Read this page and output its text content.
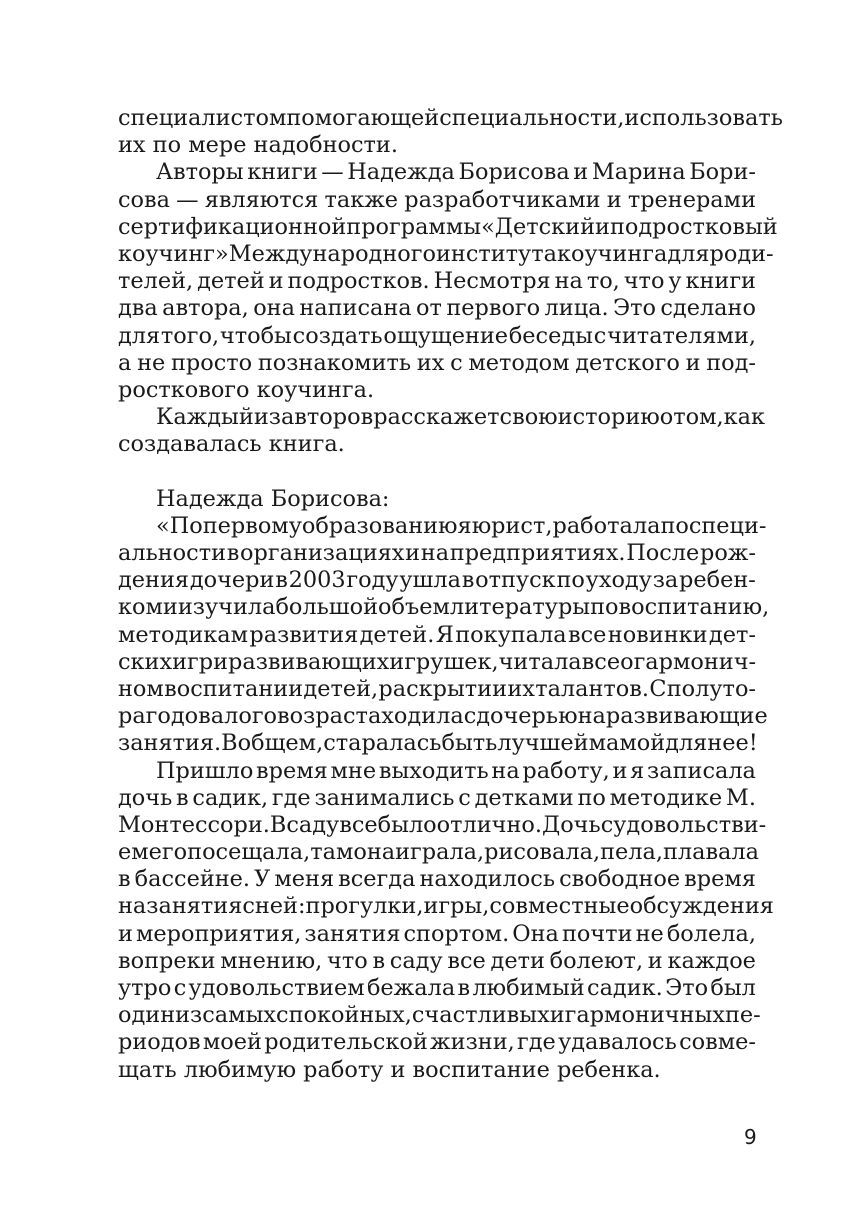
специалистом помогающей специальности, использовать
их по мере надобности.
Авторы книги — Надежда Борисова и Марина Бори-
сова — являются также разработчиками и тренерами
сертификационной программы «Детский и подростковый
коучинг» Международного института коучинга для роди-
телей, детей и подростков. Несмотря на то, что у книги
два автора, она написана от первого лица. Это сделано
для того, чтобы создать ощущение беседы с читателями,
а не просто познакомить их с методом детского и под-
росткового коучинга.
Каждый из авторов расскажет свою историю о том, как
создавалась книга.
Надежда Борисова:
«По первому образованию я юрист, работала по специ-
альности в организациях и на предприятиях. После рож-
дения дочери в 2003 году ушла в отпуск по уходу за ребен-
ком и изучила большой объем литературы по воспитанию,
методикам развития детей. Я покупала все новинки дет-
ских игр и развивающих игрушек, читала все о гармонич-
ном воспитании детей, раскрытии их талантов. С полуто-
рагодовалого возраста ходила с дочерью на развивающие
занятия. В общем, старалась быть лучшей мамой для нее!
Пришло время мне выходить на работу, и я записала
дочь в садик, где занимались с детками по методике М.
Монтессори. В саду все было отлично. Дочь с удовольстви-
ем его посещала, там она играла, рисовала, пела, плавала
в бассейне. У меня всегда находилось свободное время
на занятия с ней: прогулки, игры, совместные обсуждения
и мероприятия, занятия спортом. Она почти не болела,
вопреки мнению, что в саду все дети болеют, и каждое
утро с удовольствием бежала в любимый садик. Это был
один из самых спокойных, счастливых и гармоничных пе-
риодов моей родительской жизни, где удавалось совме-
щать любимую работу и воспитание ребенка.
9
